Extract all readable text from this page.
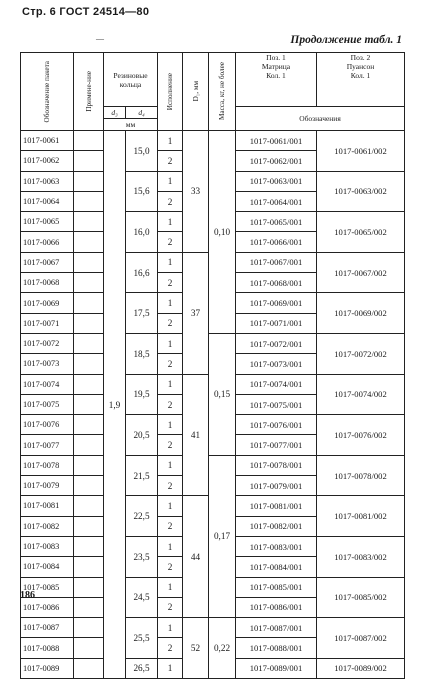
Стр. 6 ГОСТ 24514—80
—	Продолжение табл. 1
Обозначение пакета	Примене-ние	Резиновые кольца		Исполнение	D₁, мм	Масса, кг, не более	Поз. 1
Матрица
Кол. 1	Поз. 2
Пуансон
Кол. 1
		d₃	d₄				Обозначения	
		мм						
1017-0061		1,9	15,0	1	33	0,10	1017-0061/001	1017-0061/002
1017-0062				2			1017-0062/001	
1017-0063			15,6	1			1017-0063/001	1017-0063/002
1017-0064				2			1017-0064/001	
1017-0065			16,0	1			1017-0065/001	1017-0065/002
1017-0066				2			1017-0066/001	
1017-0067			16,6	1	37		1017-0067/001	1017-0067/002
1017-0068				2			1017-0068/001	
1017-0069			17,5	1			1017-0069/001	1017-0069/002
1017-0071				2			1017-0071/001	
1017-0072			18,5	1		0,15	1017-0072/001	1017-0072/002
1017-0073				2			1017-0073/001	
1017-0074			19,5	1	41		1017-0074/001	1017-0074/002
1017-0075				2			1017-0075/001	
1017-0076			20,5	1			1017-0076/001	1017-0076/002
1017-0077				2			1017-0077/001	
1017-0078			21,5	1		0,17	1017-0078/001	1017-0078/002
1017-0079				2			1017-0079/001	
1017-0081			22,5	1	44		1017-0081/001	1017-0081/002
1017-0082				2			1017-0082/001	
1017-0083			23,5	1			1017-0083/001	1017-0083/002
1017-0084				2			1017-0084/001	
1017-0085			24,5	1			1017-0085/001	1017-0085/002
1017-0086				2			1017-0086/001	
1017-0087			25,5	1	52	0,22	1017-0087/001	1017-0087/002
1017-0088				2			1017-0088/001	
1017-0089			26,5	1			1017-0089/001	1017-0089/002
186
